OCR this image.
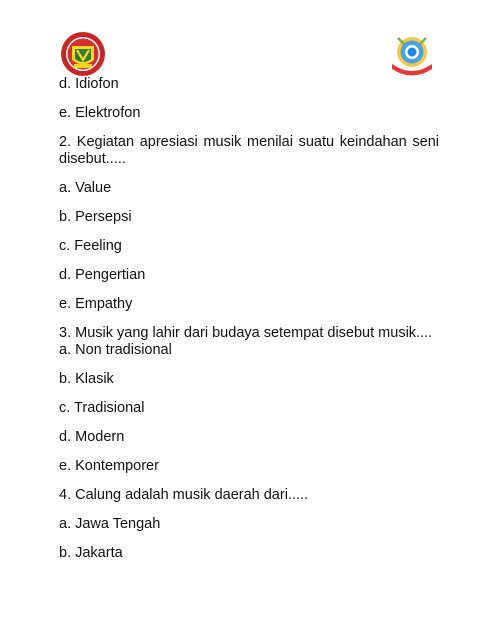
d. Idiofon

e. Elektrofon

2. Kegiatan apresiasi musik menilai suatu keindahan seni disebut.....

a. Value

b. Persepsi

c. Feeling

d. Pengertian

e. Empathy

3. Musik yang lahir dari budaya setempat disebut musik....

a. Non tradisional

b. Klasik

c. Tradisional

d. Modern

e. Kontemporer

4. Calung adalah musik daerah dari.....

a. Jawa Tengah

b. Jakarta
